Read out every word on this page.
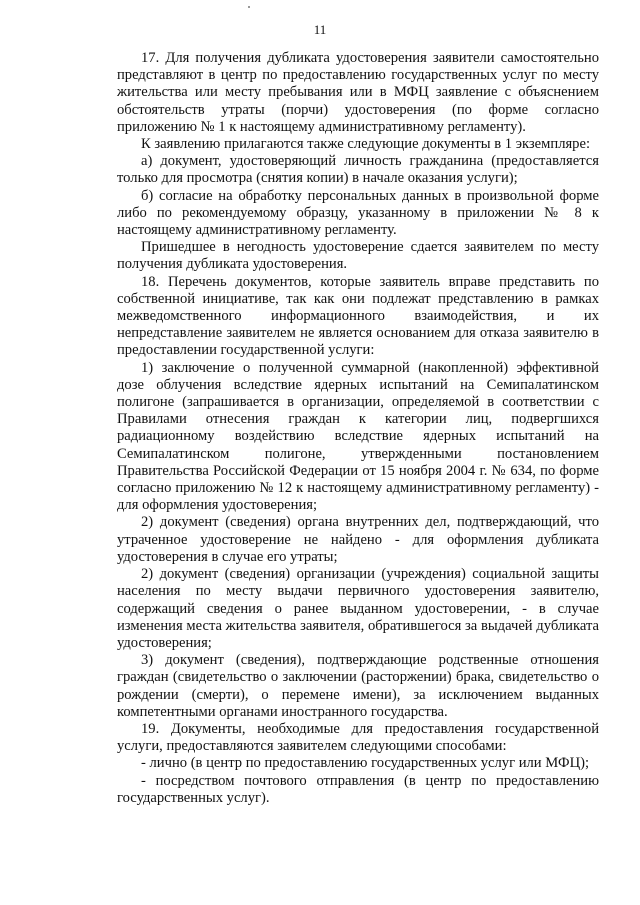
11

17. Для получения дубликата удостоверения заявители самостоятельно представляют в центр по предоставлению государственных услуг по месту жительства или месту пребывания или в МФЦ заявление с объяснением обстоятельств утраты (порчи) удостоверения (по форме согласно приложению № 1 к настоящему административному регламенту).

К заявлению прилагаются также следующие документы в 1 экземпляре:

а) документ, удостоверяющий личность гражданина (предоставляется только для просмотра (снятия копии) в начале оказания услуги);

б) согласие на обработку персональных данных в произвольной форме либо по рекомендуемому образцу, указанному в приложении № 8 к настоящему административному регламенту.

Пришедшее в негодность удостоверение сдается заявителем по месту получения дубликата удостоверения.

18. Перечень документов, которые заявитель вправе представить по собственной инициативе, так как они подлежат представлению в рамках межведомственного информационного взаимодействия, и их непредставление заявителем не является основанием для отказа заявителю в предоставлении государственной услуги:

1) заключение о полученной суммарной (накопленной) эффективной дозе облучения вследствие ядерных испытаний на Семипалатинском полигоне (запрашивается в организации, определяемой в соответствии с Правилами отнесения граждан к категории лиц, подвергшихся радиационному воздействию вследствие ядерных испытаний на Семипалатинском полигоне, утвержденными постановлением Правительства Российской Федерации от 15 ноября 2004 г. № 634, по форме согласно приложению № 12 к настоящему административному регламенту) - для оформления удостоверения;

2) документ (сведения) органа внутренних дел, подтверждающий, что утраченное удостоверение не найдено - для оформления дубликата удостоверения в случае его утраты;

2) документ (сведения) организации (учреждения) социальной защиты населения по месту выдачи первичного удостоверения заявителю, содержащий сведения о ранее выданном удостоверении, - в случае изменения места жительства заявителя, обратившегося за выдачей дубликата удостоверения;

3) документ (сведения), подтверждающие родственные отношения граждан (свидетельство о заключении (расторжении) брака, свидетельство о рождении (смерти), о перемене имени), за исключением выданных компетентными органами иностранного государства.

19. Документы, необходимые для предоставления государственной услуги, предоставляются заявителем следующими способами:

- лично (в центр по предоставлению государственных услуг или МФЦ);

- посредством почтового отправления (в центр по предоставлению государственных услуг).
